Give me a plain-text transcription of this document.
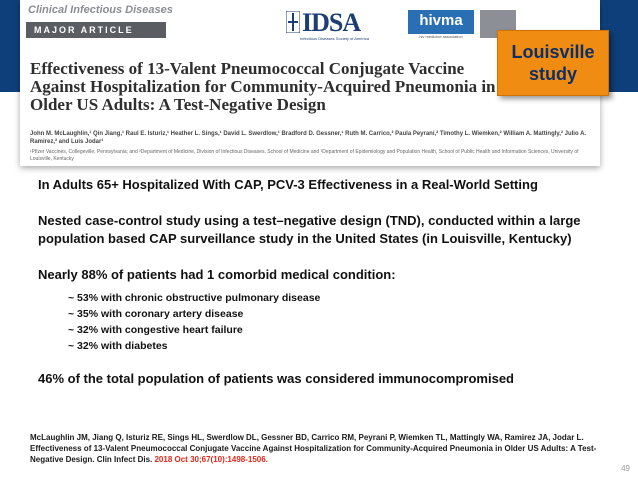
Clinical Infectious Diseases
MAJOR ARTICLE	IDSA
Infectious Diseases Society of America
hivma
hiv medicine association
Effectiveness of 13-Valent Pneumococcal Conjugate Vaccine Against Hospitalization for Community-Acquired Pneumonia in Older US Adults: A Test-Negative Design
John M. McLaughlin,¹ Qin Jiang,¹ Raul E. Isturiz,¹ Heather L. Sings,¹ David L. Swerdlow,¹ Bradford D. Gessner,¹ Ruth M. Carrico,² Paula Peyrani,² Timothy L. Wiemken,² William A. Mattingly,² Julio A. Ramirez,² and Luis Jodar¹
¹Pfizer Vaccines, Collegeville, Pennsylvania; and ²Department of Medicine, Division of Infectious Diseases, School of Medicine and ³Department of Epidemiology and Population Health, School of Public Health and Information Sciences, University of Louisville, Kentucky
Louisville
study

In Adults 65+ Hospitalized With CAP, PCV-3 Effectiveness in a Real-World Setting

Nested case-control study using a test–negative design (TND), conducted within a large population based CAP surveillance study in the United States (in Louisville, Kentucky)

Nearly 88% of patients had 1 comorbid medical condition:

~ 53% with chronic obstructive pulmonary disease
~ 35% with coronary artery disease
~ 32% with congestive heart failure
~ 32% with diabetes

46% of the total population of patients was considered immunocompromised

McLaughlin JM, Jiang Q, Isturiz RE, Sings HL, Swerdlow DL, Gessner BD, Carrico RM, Peyrani P, Wiemken TL, Mattingly WA, Ramirez JA, Jodar L. Effectiveness of 13-Valent Pneumococcal Conjugate Vaccine Against Hospitalization for Community-Acquired Pneumonia in Older US Adults: A Test-Negative Design. Clin Infect Dis. 2018 Oct 30;67(10):1498-1506.
49
